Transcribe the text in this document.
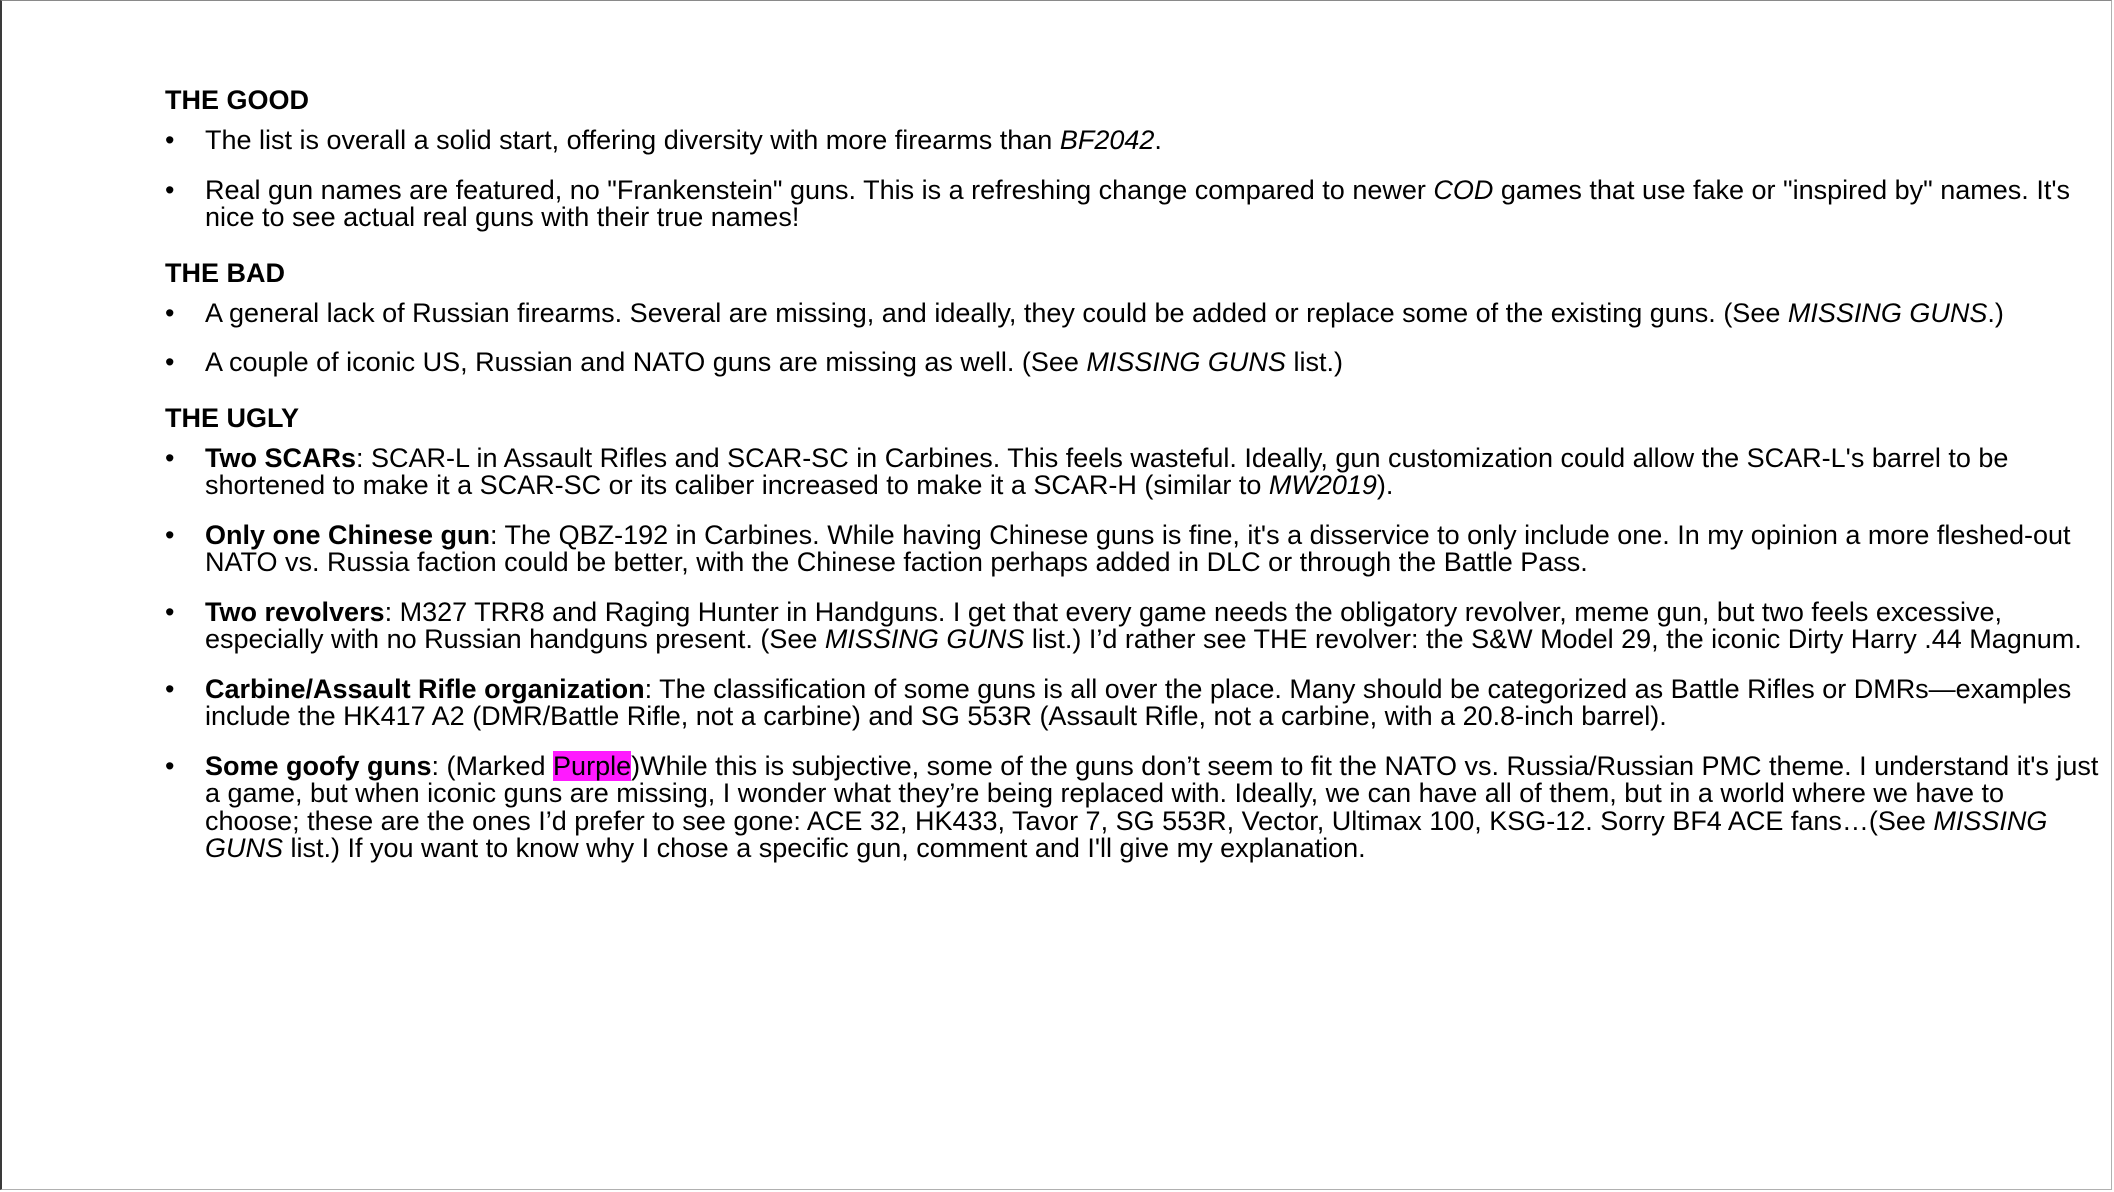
THE GOOD
• The list is overall a solid start, offering diversity with more firearms than BF2042.
• Real gun names are featured, no "Frankenstein" guns. This is a refreshing change compared to newer COD games that use fake or "inspired by" names. It's nice to see actual real guns with their true names!
THE BAD
• A general lack of Russian firearms. Several are missing, and ideally, they could be added or replace some of the existing guns. (See MISSING GUNS.)
• A couple of iconic US, Russian and NATO guns are missing as well. (See MISSING GUNS list.)
THE UGLY
• Two SCARs: SCAR-L in Assault Rifles and SCAR-SC in Carbines. This feels wasteful. Ideally, gun customization could allow the SCAR-L's barrel to be shortened to make it a SCAR-SC or its caliber increased to make it a SCAR-H (similar to MW2019).
• Only one Chinese gun: The QBZ-192 in Carbines. While having Chinese guns is fine, it's a disservice to only include one. In my opinion a more fleshed-out NATO vs. Russia faction could be better, with the Chinese faction perhaps added in DLC or through the Battle Pass.
• Two revolvers: M327 TRR8 and Raging Hunter in Handguns. I get that every game needs the obligatory revolver, meme gun, but two feels excessive, especially with no Russian handguns present. (See MISSING GUNS list.) I’d rather see THE revolver: the S&W Model 29, the iconic Dirty Harry .44 Magnum.
• Carbine/Assault Rifle organization: The classification of some guns is all over the place. Many should be categorized as Battle Rifles or DMRs—examples include the HK417 A2 (DMR/Battle Rifle, not a carbine) and SG 553R (Assault Rifle, not a carbine, with a 20.8-inch barrel).
• Some goofy guns: (Marked Purple)While this is subjective, some of the guns don’t seem to fit the NATO vs. Russia/Russian PMC theme. I understand it's just a game, but when iconic guns are missing, I wonder what they’re being replaced with. Ideally, we can have all of them, but in a world where we have to choose; these are the ones I’d prefer to see gone: ACE 32, HK433, Tavor 7, SG 553R, Vector, Ultimax 100, KSG-12. Sorry BF4 ACE fans…(See MISSING GUNS list.) If you want to know why I chose a specific gun, comment and I'll give my explanation.
